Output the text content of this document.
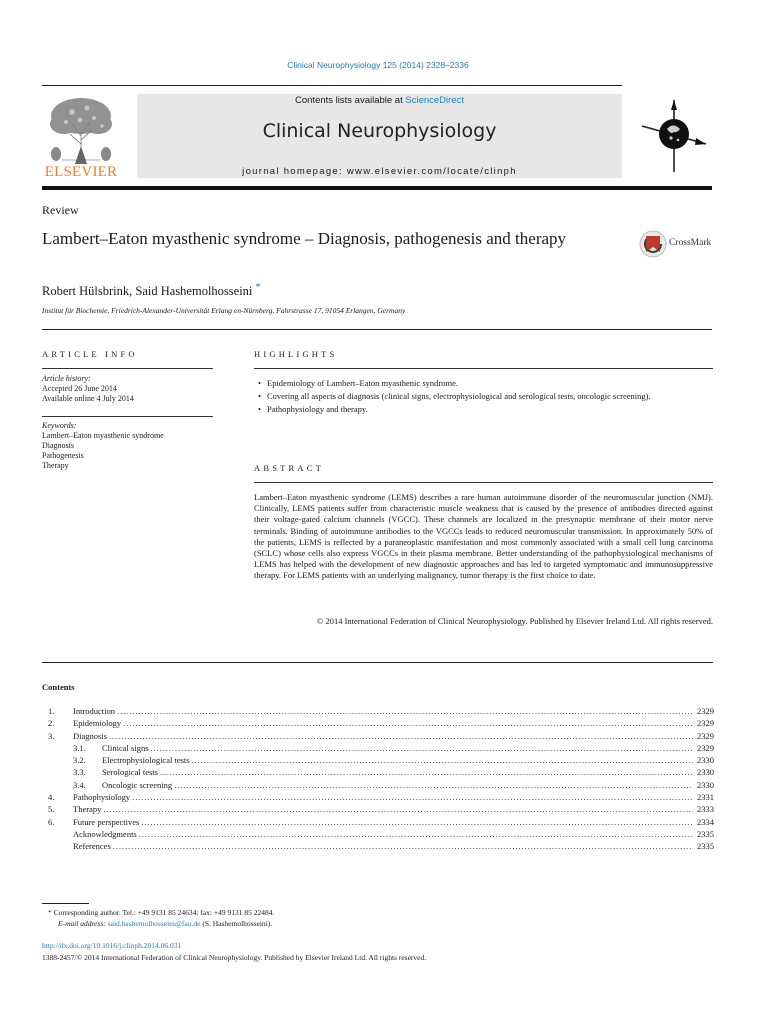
Clinical Neurophysiology 125 (2014) 2328–2336
ELSEVIER
Contents lists available at ScienceDirect
Clinical Neurophysiology
journal homepage: www.elsevier.com/locate/clinph
Review
Lambert–Eaton myasthenic syndrome – Diagnosis, pathogenesis and therapy	CrossMark
Robert Hülsbrink, Said Hashemolhosseini *
Institut für Biochemie, Friedrich-Alexander-Universität Erlang en-Nürnberg, Fahrstrasse 17, 91054 Erlangen, Germany
ARTICLE INFO
Article history:
Accepted 26 June 2014
Available online 4 July 2014
Keywords:
Lambert–Eaton myasthenic syndrome
Diagnosis
Pathogenesis
Therapy
HIGHLIGHTS
• Epidemiology of Lambert–Eaton myasthenic syndrome.
• Covering all aspects of diagnosis (clinical signs, electrophysiological and serological tests, oncologic screening).
• Pathophysiology and therapy.
ABSTRACT
Lambert–Eaton myasthenic syndrome (LEMS) describes a rare human autoimmune disorder of the neuromuscular junction (NMJ). Clinically, LEMS patients suffer from characteristic muscle weakness that is caused by the presence of antibodies directed against their voltage-gated calcium channels (VGCC). These channels are localized in the presynaptic membrane of their motor nerve terminals. Binding of autoimmune antibodies to the VGCCs leads to reduced neuromuscular transmission. In approximately 50% of the patients, LEMS is reflected by a paraneoplastic manifestation and most commonly associated with a small cell lung carcinoma (SCLC) whose cells also express VGCCs in their plasma membrane. Better understanding of the pathophysiological mechanisms of LEMS has helped with the development of new diagnostic approaches and has led to targeted symptomatic and immunosuppressive therapy. For LEMS patients with an underlying malignancy, tumor therapy is the first choice to date.
© 2014 International Federation of Clinical Neurophysiology. Published by Elsevier Ireland Ltd. All rights reserved.
Contents
1.	Introduction . . .	2329
2.	Epidemiology . . .	2329
3.	Diagnosis . . .	2329
3.1.	Clinical signs . . .	2329
3.2.	Electrophysiological tests . . .	2330
3.3.	Serological tests . . .	2330
3.4.	Oncologic screening . . .	2330
4.	Pathophysiology . . .	2331
5.	Therapy . . .	2333
6.	Future perspectives . . .	2334
Acknowledgments . . .	2335
References . . .	2335
* Corresponding author. Tel.: +49 9131 85 24634; fax: +49 9131 85 22484.
E-mail address: said.hashemolhosseini@fau.de (S. Hashemolhosseini).
http://dx.doi.org/10.1016/j.clinph.2014.06.031
1388-2457/© 2014 International Federation of Clinical Neurophysiology. Published by Elsevier Ireland Ltd. All rights reserved.
